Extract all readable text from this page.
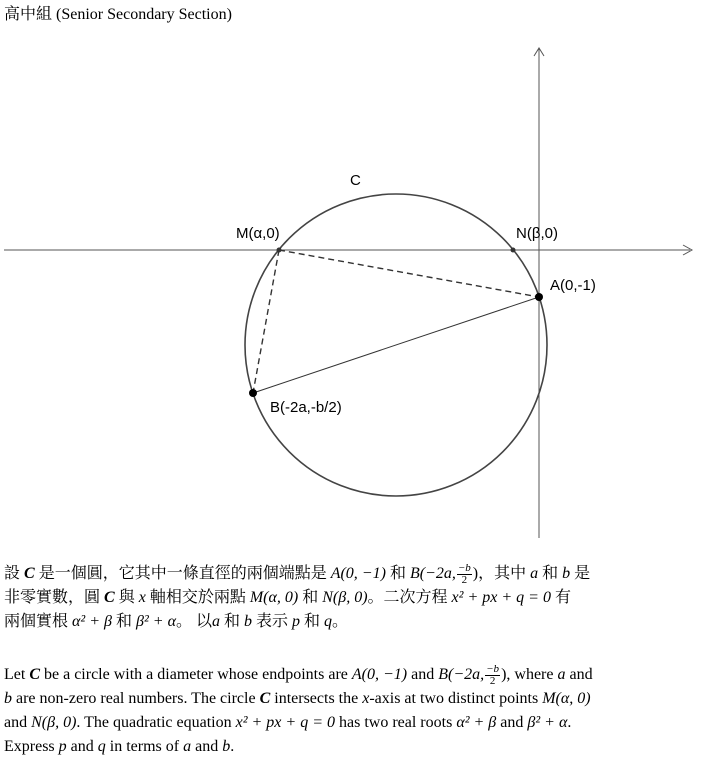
高中組 (Senior Secondary Section)
C
M(α,0)	N(β,0)
A(0,-1)
B(-2a,-b/2)
設 C 是一個圓，它其中一條直徑的兩個端點是 A(0, −1) 和 B(−2a, $\frac{-b}{2}$ )，其中 a 和 b 是
非零實數，圓 C 與 x 軸相交於兩點 M(α, 0) 和 N(β, 0)。二次方程 x² + px + q = 0 有
兩個實根 α² + β 和 β² + α。 以a 和 b 表示 p 和 q。
Let C be a circle with a diameter whose endpoints are A(0, −1) and B(−2a, $\frac{-b}{2}$ ), where a and
b are non-zero real numbers. The circle C intersects the x-axis at two distinct points M(α, 0)
and N(β, 0). The quadratic equation x² + px + q = 0 has two real roots α² + β and β² + α.
Express p and q in terms of a and b.
